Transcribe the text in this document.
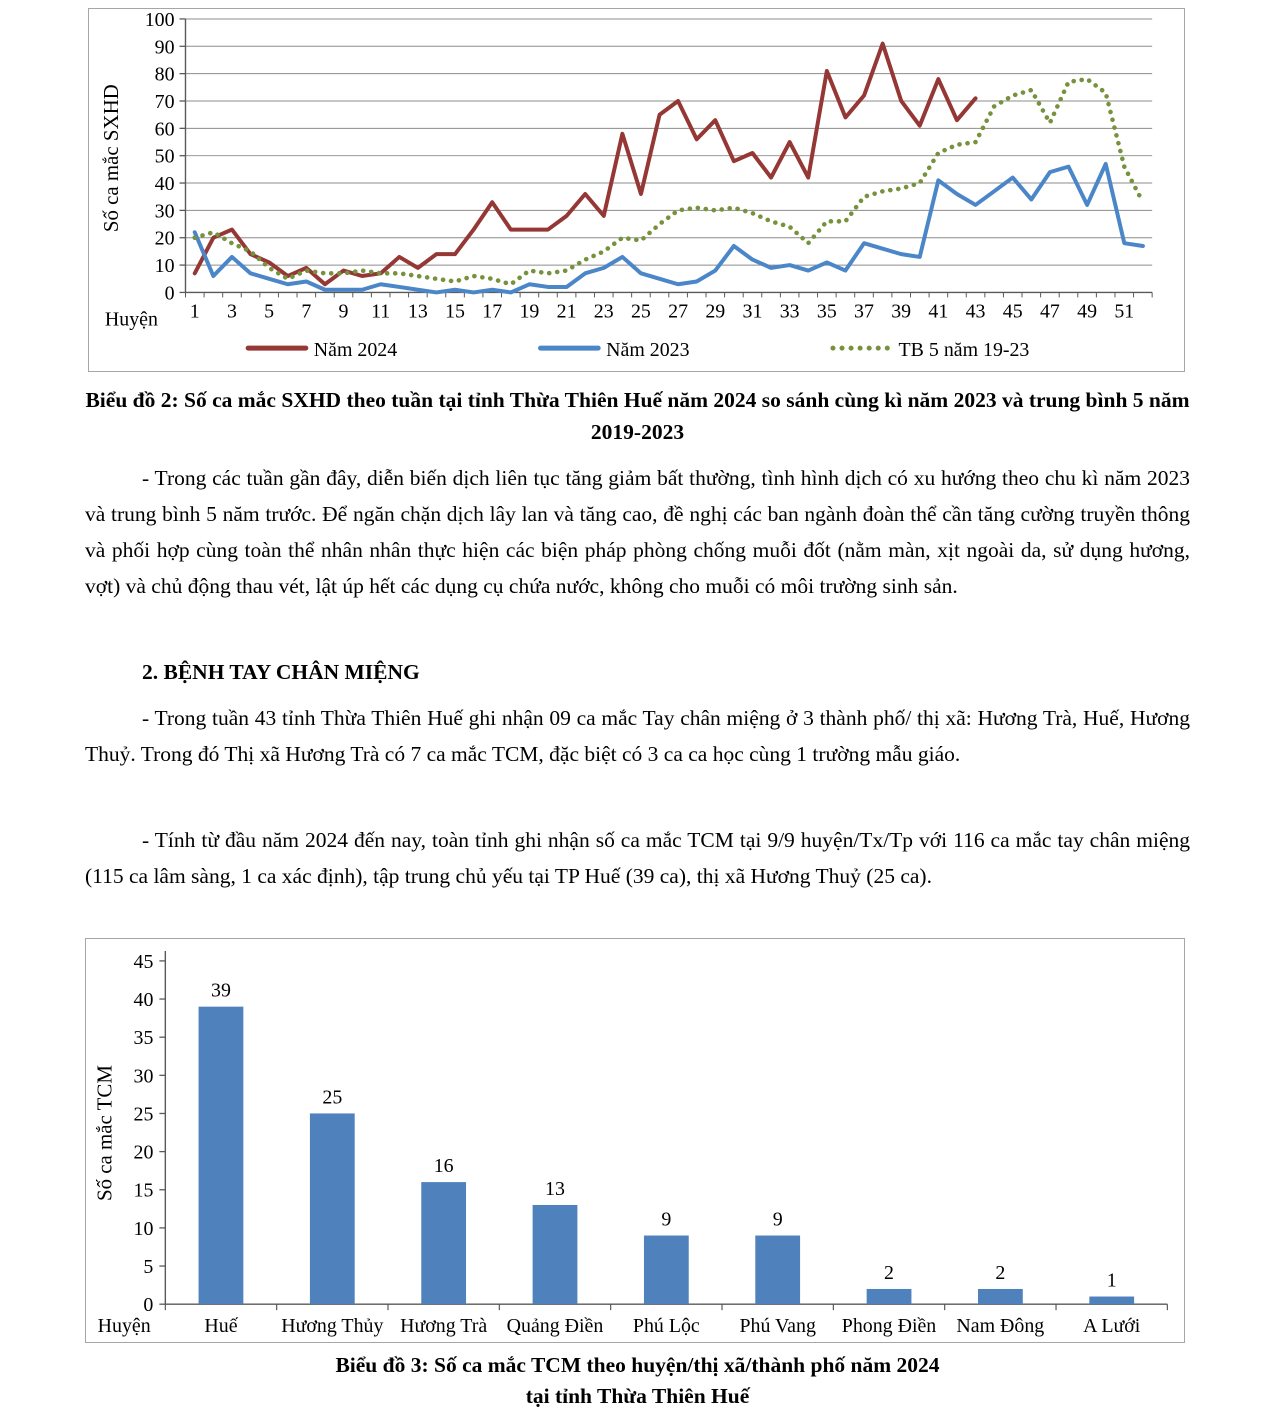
0
10
20
30
40
50
60
70
80
90
100
1 3 5 7 9 11 13 15 17 19 21 23 25 27 29 31 33 35 37 39 41 43 45 47 49 51
Huyện
Số ca mắc SXHD
Năm 2024	Năm 2023	TB 5 năm 19-23
Biểu đồ 2: Số ca mắc SXHD theo tuần tại tỉnh Thừa Thiên Huế năm 2024 so sánh cùng kì năm 2023 và trung bình 5 năm 2019-2023

- Trong các tuần gần đây, diễn biến dịch liên tục tăng giảm bất thường, tình hình dịch có xu hướng theo chu kì năm 2023 và trung bình 5 năm trước. Để ngăn chặn dịch lây lan và tăng cao, đề nghị các ban ngành đoàn thể cần tăng cường truyền thông và phối hợp cùng toàn thể nhân nhân thực hiện các biện pháp phòng chống muỗi đốt (nằm màn, xịt ngoài da, sử dụng hương, vợt) và chủ động thau vét, lật úp hết các dụng cụ chứa nước, không cho muỗi có môi trường sinh sản.

2. BỆNH TAY CHÂN MIỆNG

- Trong tuần 43 tỉnh Thừa Thiên Huế ghi nhận 09 ca mắc Tay chân miệng ở 3 thành phố/ thị xã: Hương Trà, Huế, Hương Thuỷ. Trong đó Thị xã Hương Trà có 7 ca mắc TCM, đặc biệt có 3 ca ca học cùng 1 trường mẫu giáo.

- Tính từ đầu năm 2024 đến nay, toàn tỉnh ghi nhận số ca mắc TCM tại 9/9 huyện/Tx/Tp với 116 ca mắc tay chân miệng (115 ca lâm sàng, 1 ca xác định), tập trung chủ yếu tại TP Huế (39 ca), thị xã Hương Thuỷ (25 ca).

0
5
10
15
20
25
30
35
40
45
39
Huế
25
Hương Thủy
16
Hương Trà
13
Quảng Điền
9
Phú Lộc
9
Phú Vang
2
Phong Điền
2
Nam Đông
1
A Lưới
Huyện
Số ca mắc TCM
Biểu đồ 3: Số ca mắc TCM theo huyện/thị xã/thành phố năm 2024
tại tỉnh Thừa Thiên Huế
